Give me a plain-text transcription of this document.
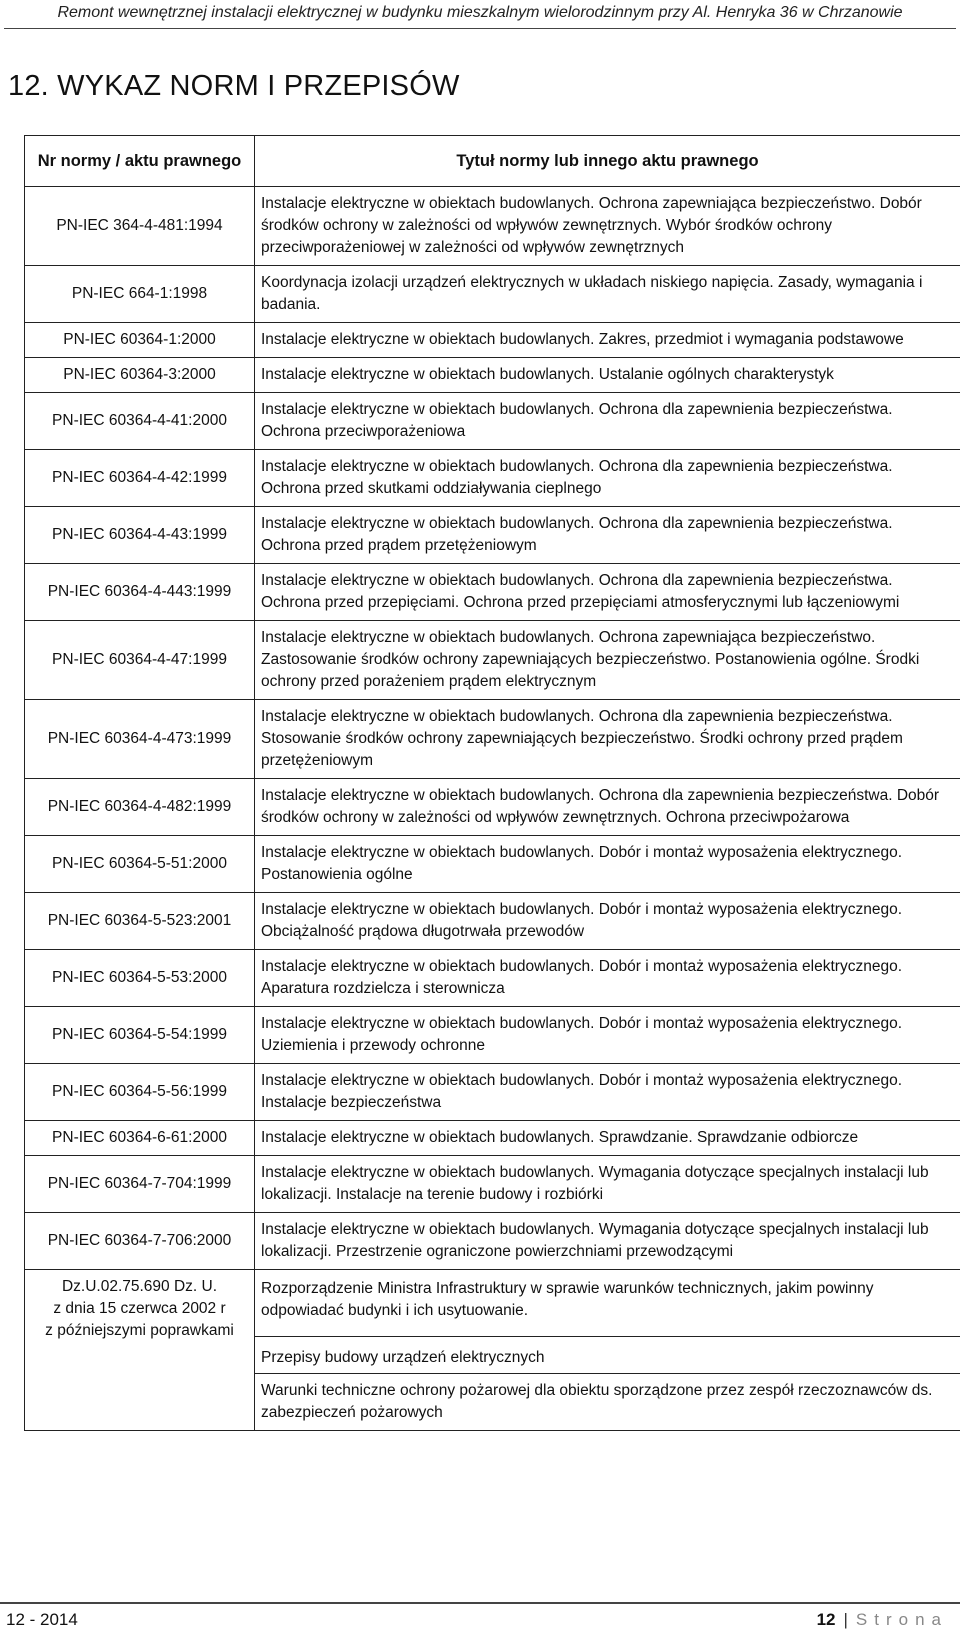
Remont wewnętrznej instalacji elektrycznej w budynku mieszkalnym wielorodzinnym przy Al. Henryka 36 w Chrzanowie
12. WYKAZ NORM I PRZEPISÓW
Nr normy / aktu prawnego	Tytuł normy lub innego aktu prawnego
PN-IEC 364-4-481:1994	Instalacje elektryczne w obiektach budowlanych. Ochrona zapewniająca bezpieczeństwo. Dobór środków ochrony w zależności od wpływów zewnętrznych. Wybór środków ochrony przeciwporażeniowej w zależności od wpływów zewnętrznych
PN-IEC 664-1:1998	Koordynacja izolacji urządzeń elektrycznych w układach niskiego napięcia. Zasady, wymagania i badania.
PN-IEC 60364-1:2000	Instalacje elektryczne w obiektach budowlanych. Zakres, przedmiot i wymagania podstawowe
PN-IEC 60364-3:2000	Instalacje elektryczne w obiektach budowlanych. Ustalanie ogólnych charakterystyk
PN-IEC 60364-4-41:2000	Instalacje elektryczne w obiektach budowlanych. Ochrona dla zapewnienia bezpieczeństwa. Ochrona przeciwporażeniowa
PN-IEC 60364-4-42:1999	Instalacje elektryczne w obiektach budowlanych. Ochrona dla zapewnienia bezpieczeństwa. Ochrona przed skutkami oddziaływania cieplnego
PN-IEC 60364-4-43:1999	Instalacje elektryczne w obiektach budowlanych. Ochrona dla zapewnienia bezpieczeństwa. Ochrona przed prądem przetężeniowym
PN-IEC 60364-4-443:1999	Instalacje elektryczne w obiektach budowlanych. Ochrona dla zapewnienia bezpieczeństwa. Ochrona przed przepięciami. Ochrona przed przepięciami atmosferycznymi lub łączeniowymi
PN-IEC 60364-4-47:1999	Instalacje elektryczne w obiektach budowlanych. Ochrona zapewniająca bezpieczeństwo. Zastosowanie środków ochrony zapewniających bezpieczeństwo. Postanowienia ogólne. Środki ochrony przed porażeniem prądem elektrycznym
PN-IEC 60364-4-473:1999	Instalacje elektryczne w obiektach budowlanych. Ochrona dla zapewnienia bezpieczeństwa. Stosowanie środków ochrony zapewniających bezpieczeństwo. Środki ochrony przed prądem przetężeniowym
PN-IEC 60364-4-482:1999	Instalacje elektryczne w obiektach budowlanych. Ochrona dla zapewnienia bezpieczeństwa. Dobór środków ochrony w zależności od wpływów zewnętrznych. Ochrona przeciwpożarowa
PN-IEC 60364-5-51:2000	Instalacje elektryczne w obiektach budowlanych. Dobór i montaż wyposażenia elektrycznego. Postanowienia ogólne
PN-IEC 60364-5-523:2001	Instalacje elektryczne w obiektach budowlanych. Dobór i montaż wyposażenia elektrycznego. Obciążalność prądowa długotrwała przewodów
PN-IEC 60364-5-53:2000	Instalacje elektryczne w obiektach budowlanych. Dobór i montaż wyposażenia elektrycznego. Aparatura rozdzielcza i sterownicza
PN-IEC 60364-5-54:1999	Instalacje elektryczne w obiektach budowlanych. Dobór i montaż wyposażenia elektrycznego. Uziemienia i przewody ochronne
PN-IEC 60364-5-56:1999	Instalacje elektryczne w obiektach budowlanych. Dobór i montaż wyposażenia elektrycznego. Instalacje bezpieczeństwa
PN-IEC 60364-6-61:2000	Instalacje elektryczne w obiektach budowlanych. Sprawdzanie. Sprawdzanie odbiorcze
PN-IEC 60364-7-704:1999	Instalacje elektryczne w obiektach budowlanych. Wymagania dotyczące specjalnych instalacji lub lokalizacji. Instalacje na terenie budowy i rozbiórki
PN-IEC 60364-7-706:2000	Instalacje elektryczne w obiektach budowlanych. Wymagania dotyczące specjalnych instalacji lub lokalizacji. Przestrzenie ograniczone powierzchniami przewodzącymi

Dz.U.02.75.690 Dz. U.
z dnia 15 czerwca 2002 r
z późniejszymi poprawkami	Rozporządzenie Ministra Infrastruktury w sprawie warunków technicznych, jakim powinny odpowiadać budynki i ich usytuowanie.
	Przepisy budowy urządzeń elektrycznych
	Warunki techniczne ochrony pożarowej dla obiektu sporządzone przez zespół rzeczoznawców ds. zabezpieczeń pożarowych
12 - 2014	12 | Strona
